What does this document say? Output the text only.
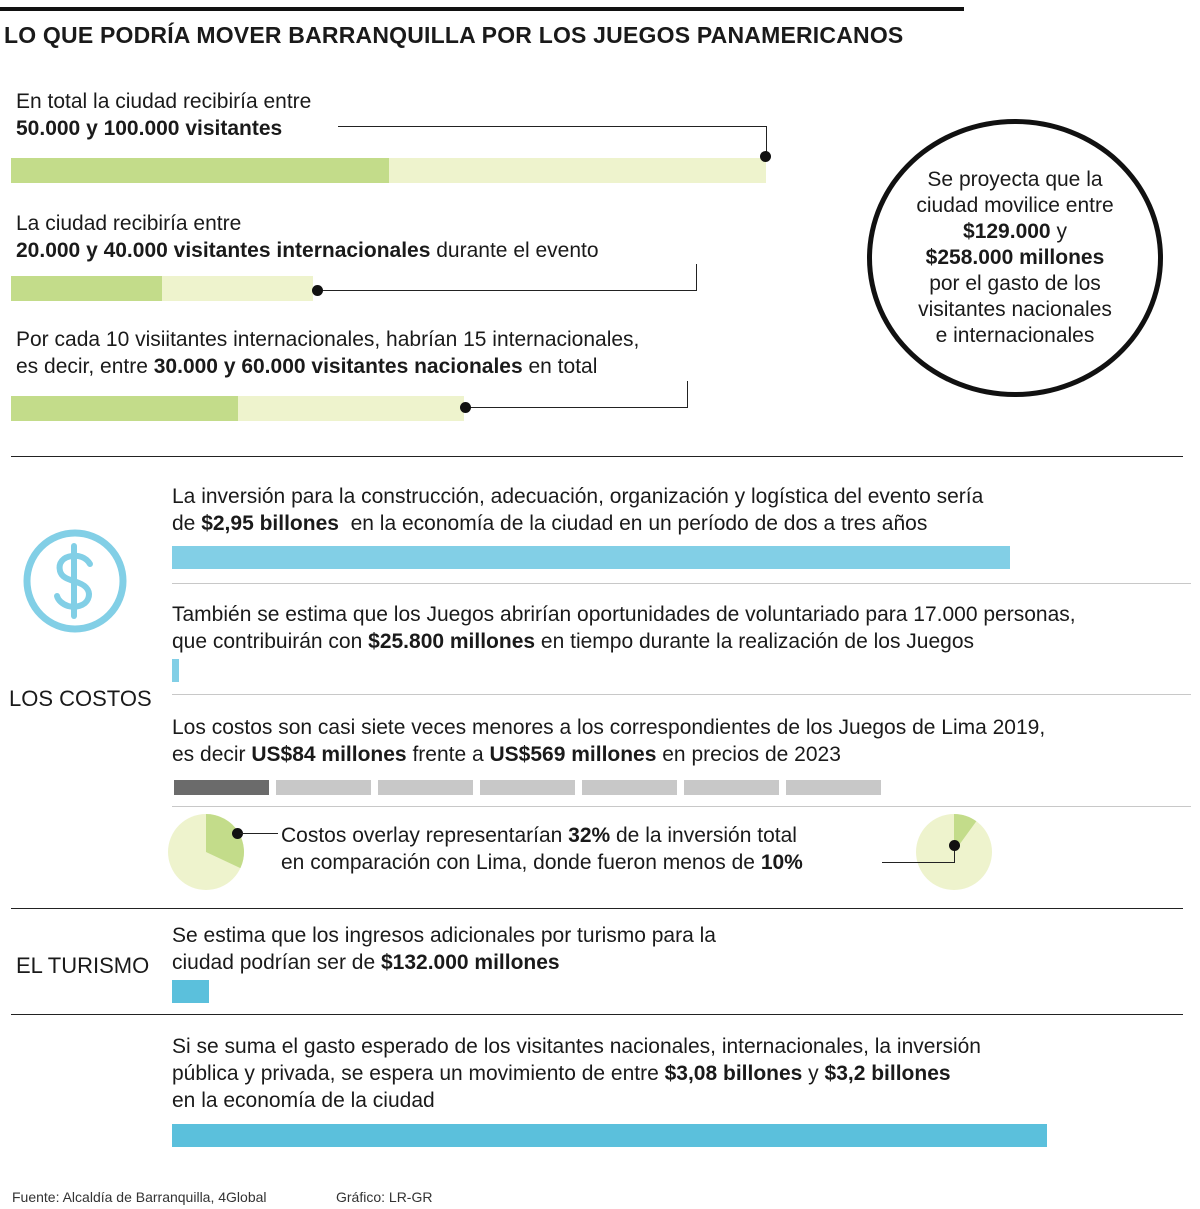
LO QUE PODRÍA MOVER BARRANQUILLA POR LOS JUEGOS PANAMERICANOS
En total la ciudad recibiría entre
50.000 y 100.000 visitantes
La ciudad recibiría entre
20.000 y 40.000 visitantes internacionales durante el evento
Por cada 10 visiitantes internacionales, habrían 15 internacionales,
es decir, entre 30.000 y 60.000 visitantes nacionales en total
Se proyecta que la
ciudad movilice entre
$129.000 y
$258.000 millones
por el gasto de los
visitantes nacionales
e internacionales
LOS COSTOS
La inversión para la construcción, adecuación, organización y logística del evento sería
de $2,95 billones  en la economía de la ciudad en un período de dos a tres años
También se estima que los Juegos abrirían oportunidades de voluntariado para 17.000 personas,
que contribuirán con $25.800 millones en tiempo durante la realización de los Juegos
Los costos son casi siete veces menores a los correspondientes de los Juegos de Lima 2019,
es decir US$84 millones frente a US$569 millones en precios de 2023
Costos overlay representarían 32% de la inversión total
en comparación con Lima, donde fueron menos de 10%
EL TURISMO
Se estima que los ingresos adicionales por turismo para la
ciudad podrían ser de $132.000 millones
Si se suma el gasto esperado de los visitantes nacionales, internacionales, la inversión
pública y privada, se espera un movimiento de entre $3,08 billones y $3,2 billones
en la economía de la ciudad
Fuente: Alcaldía de Barranquilla, 4Global	Gráfico: LR-GR
